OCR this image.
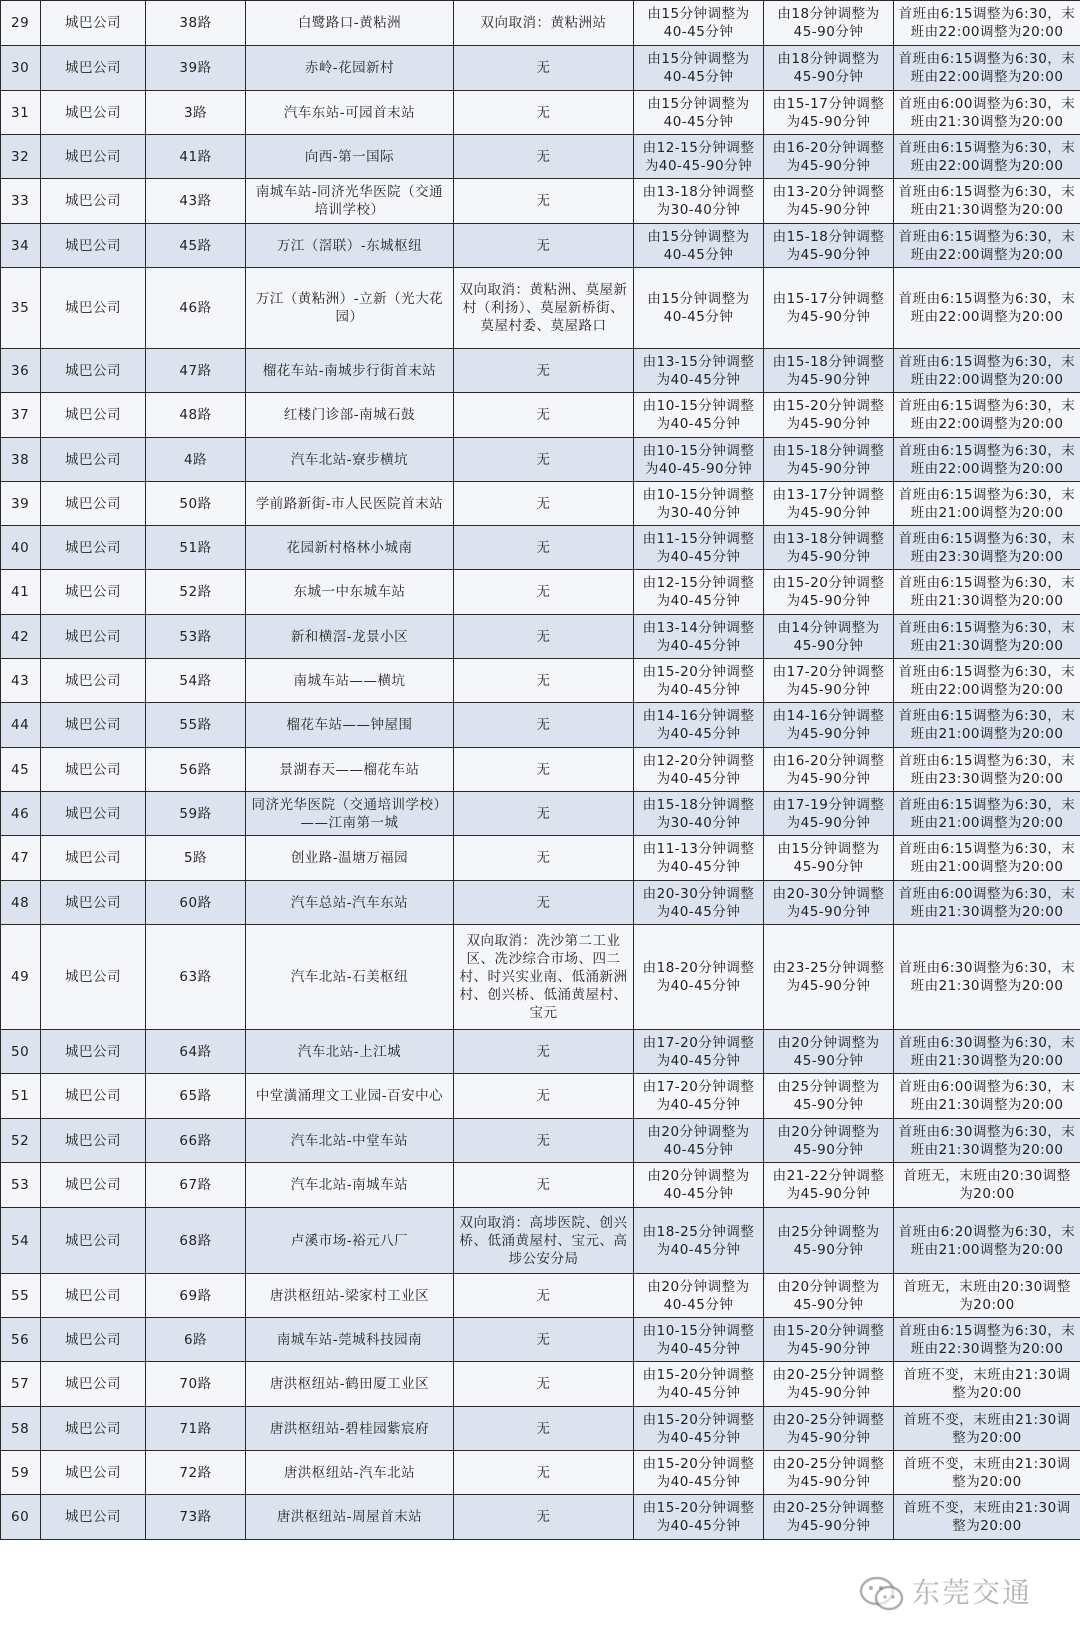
29	城巴公司	38路	白鹭路口-黄粘洲	双向取消：黄粘洲站	由15分钟调整为40-45分钟	由18分钟调整为45-90分钟	首班由6:15调整为6:30，末班由22:00调整为20:00
30	城巴公司	39路	赤岭-花园新村	无	由15分钟调整为40-45分钟	由18分钟调整为45-90分钟	首班由6:15调整为6:30，末班由22:00调整为20:00
31	城巴公司	3路	汽车东站-可园首末站	无	由15分钟调整为40-45分钟	由15-17分钟调整为45-90分钟	首班由6:00调整为6:30，末班由21:30调整为20:00
32	城巴公司	41路	向西-第一国际	无	由12-15分钟调整为40-45-90分钟	由16-20分钟调整为45-90分钟	首班由6:15调整为6:30，末班由22:00调整为20:00
33	城巴公司	43路	南城车站-同济光华医院（交通培训学校）	无	由13-18分钟调整为30-40分钟	由13-20分钟调整为45-90分钟	首班由6:15调整为6:30，末班由21:30调整为20:00
34	城巴公司	45路	万江（滘联）-东城枢纽	无	由15分钟调整为40-45分钟	由15-18分钟调整为45-90分钟	首班由6:15调整为6:30，末班由22:00调整为20:00
35	城巴公司	46路	万江（黄粘洲）-立新（光大花园）	双向取消：黄粘洲、莫屋新村（利扬）、莫屋新桥街、莫屋村委、莫屋路口	由15分钟调整为40-45分钟	由15-17分钟调整为45-90分钟	首班由6:15调整为6:30，末班由22:00调整为20:00
36	城巴公司	47路	榴花车站-南城步行街首末站	无	由13-15分钟调整为40-45分钟	由15-18分钟调整为45-90分钟	首班由6:15调整为6:30，末班由22:00调整为20:00
37	城巴公司	48路	红楼门诊部-南城石鼓	无	由10-15分钟调整为40-45分钟	由15-20分钟调整为45-90分钟	首班由6:15调整为6:30，末班由22:00调整为20:00
38	城巴公司	4路	汽车北站-寮步横坑	无	由10-15分钟调整为40-45-90分钟	由15-18分钟调整为45-90分钟	首班由6:15调整为6:30，末班由22:00调整为20:00
39	城巴公司	50路	学前路新街-市人民医院首末站	无	由10-15分钟调整为30-40分钟	由13-17分钟调整为45-90分钟	首班由6:15调整为6:30，末班由21:00调整为20:00
40	城巴公司	51路	花园新村格林小城南	无	由11-15分钟调整为40-45分钟	由13-18分钟调整为45-90分钟	首班由6:15调整为6:30，末班由23:30调整为20:00
41	城巴公司	52路	东城一中东城车站	无	由12-15分钟调整为40-45分钟	由15-20分钟调整为45-90分钟	首班由6:15调整为6:30，末班由21:30调整为20:00
42	城巴公司	53路	新和横滘-龙景小区	无	由13-14分钟调整为40-45分钟	由14分钟调整为45-90分钟	首班由6:15调整为6:30，末班由21:30调整为20:00
43	城巴公司	54路	南城车站——横坑	无	由15-20分钟调整为40-45分钟	由17-20分钟调整为45-90分钟	首班由6:15调整为6:30，末班由22:00调整为20:00
44	城巴公司	55路	榴花车站——钟屋围	无	由14-16分钟调整为40-45分钟	由14-16分钟调整为45-90分钟	首班由6:15调整为6:30，末班由21:00调整为20:00
45	城巴公司	56路	景湖春天——榴花车站	无	由12-20分钟调整为40-45分钟	由16-20分钟调整为45-90分钟	首班由6:15调整为6:30，末班由23:30调整为20:00
46	城巴公司	59路	同济光华医院（交通培训学校）——江南第一城	无	由15-18分钟调整为30-40分钟	由17-19分钟调整为45-90分钟	首班由6:15调整为6:30，末班由21:00调整为20:00
47	城巴公司	5路	创业路-温塘万福园	无	由11-13分钟调整为40-45分钟	由15分钟调整为45-90分钟	首班由6:15调整为6:30，末班由21:00调整为20:00
48	城巴公司	60路	汽车总站-汽车东站	无	由20-30分钟调整为40-45分钟	由20-30分钟调整为45-90分钟	首班由6:00调整为6:30，末班由21:30调整为20:00
49	城巴公司	63路	汽车北站-石美枢纽	双向取消：冼沙第二工业区、冼沙综合市场、四二村、时兴实业南、低涌新洲村、创兴桥、低涌黄屋村、宝元	由18-20分钟调整为40-45分钟	由23-25分钟调整为45-90分钟	首班由6:30调整为6:30，末班由21:30调整为20:00
50	城巴公司	64路	汽车北站-上江城	无	由17-20分钟调整为40-45分钟	由20分钟调整为45-90分钟	首班由6:30调整为6:30，末班由21:30调整为20:00
51	城巴公司	65路	中堂潢涌理文工业园-百安中心	无	由17-20分钟调整为40-45分钟	由25分钟调整为45-90分钟	首班由6:00调整为6:30，末班由21:30调整为20:00
52	城巴公司	66路	汽车北站-中堂车站	无	由20分钟调整为40-45分钟	由20分钟调整为45-90分钟	首班由6:30调整为6:30，末班由21:30调整为20:00
53	城巴公司	67路	汽车北站-南城车站	无	由20分钟调整为40-45分钟	由21-22分钟调整为45-90分钟	首班无，末班由20:30调整为20:00
54	城巴公司	68路	卢溪市场-裕元八厂	双向取消：高埗医院、创兴桥、低涌黄屋村、宝元、高埗公安分局	由18-25分钟调整为40-45分钟	由25分钟调整为45-90分钟	首班由6:20调整为6:30，末班由21:00调整为20:00
55	城巴公司	69路	唐洪枢纽站-梁家村工业区	无	由20分钟调整为40-45分钟	由20分钟调整为45-90分钟	首班无，末班由20:30调整为20:00
56	城巴公司	6路	南城车站-莞城科技园南	无	由10-15分钟调整为40-45分钟	由15-20分钟调整为45-90分钟	首班由6:15调整为6:30，末班由22:30调整为20:00
57	城巴公司	70路	唐洪枢纽站-鹤田厦工业区	无	由15-20分钟调整为40-45分钟	由20-25分钟调整为45-90分钟	首班不变，末班由21:30调整为20:00
58	城巴公司	71路	唐洪枢纽站-碧桂园紫宸府	无	由15-20分钟调整为40-45分钟	由20-25分钟调整为45-90分钟	首班不变，末班由21:30调整为20:00
59	城巴公司	72路	唐洪枢纽站-汽车北站	无	由15-20分钟调整为40-45分钟	由20-25分钟调整为45-90分钟	首班不变，末班由21:30调整为20:00
60	城巴公司	73路	唐洪枢纽站-周屋首末站	无	由15-20分钟调整为40-45分钟	由20-25分钟调整为45-90分钟	首班不变，末班由21:30调整为20:00
东莞交通
